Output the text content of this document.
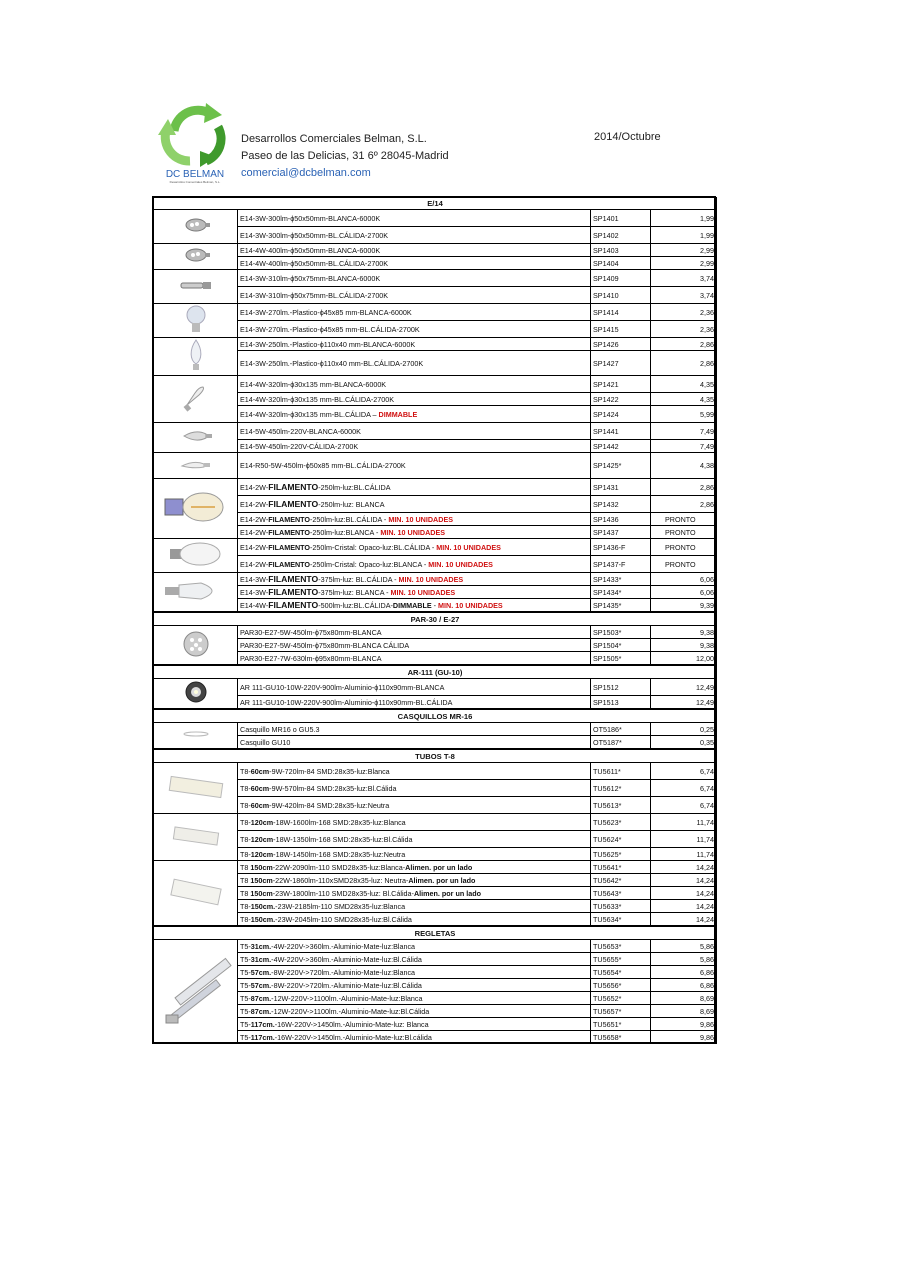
DC BELMAN
Desarrollos Comerciales Belman, S.L.
Desarrollos Comerciales Belman, S.L.
Paseo de las Delicias, 31 6º 28045-Madrid
comercial@dcbelman.com
2014/Octubre
E/14			
	E14-3W-300lm-ϕ50x50mm-BLANCA-6000K	SP1401	1,99
	E14-3W-300lm-ϕ50x50mm-BL.CÁLIDA-2700K	SP1402	1,99
	E14-4W-400lm-ϕ50x50mm-BLANCA-6000K	SP1403	2,99
	E14-4W-400lm-ϕ50x50mm-BL.CÁLIDA-2700K	SP1404	2,99
	E14-3W-310lm-ϕ50x75mm-BLANCA-6000K	SP1409	3,74
	E14-3W-310lm-ϕ50x75mm-BL.CÁLIDA-2700K	SP1410	3,74
	E14-3W-270lm.-Plastico-ϕ45x85 mm-BLANCA-6000K	SP1414	2,36
	E14-3W-270lm.-Plastico-ϕ45x85 mm-BL.CÁLIDA-2700K	SP1415	2,36
	E14-3W-250lm.-Plastico-ϕ110x40 mm-BLANCA-6000K	SP1426	2,86
	E14-3W-250lm.-Plastico-ϕ110x40 mm-BL.CÁLIDA-2700K	SP1427	2,86
	E14-4W-320lm-ϕ30x135 mm-BLANCA-6000K	SP1421	4,35
	E14-4W-320lm-ϕ30x135 mm-BL.CÁLIDA-2700K	SP1422	4,35
	E14-4W-320lm-ϕ30x135 mm-BL.CÁLIDA – DIMMABLE	SP1424	5,99
	E14-5W-450lm-220V-BLANCA-6000K	SP1441	7,49
	E14-5W-450lm-220V-CÁLIDA-2700K	SP1442	7,49
	E14-R50-5W-450lm-ϕ50x85 mm-BL.CÁLIDA-2700K	SP1425*	4,38
	E14-2W-FILAMENTO-250lm-luz:BL.CÁLIDA	SP1431	2,86
	E14-2W-FILAMENTO-250lm-luz: BLANCA	SP1432	2,86
	E14-2W-FILAMENTO-250lm-luz:BL.CÁLIDA - MIN. 10 UNIDADES	SP1436	PRONTO
	E14-2W-FILAMENTO-250lm-luz:BLANCA - MIN. 10 UNIDADES	SP1437	PRONTO
	E14-2W-FILAMENTO-250lm-Cristal: Opaco-luz:BL.CÁLIDA - MIN. 10 UNIDADES	SP1436-F	PRONTO
	E14-2W-FILAMENTO-250lm-Cristal: Opaco-luz:BLANCA - MIN. 10 UNIDADES	SP1437-F	PRONTO
	E14-3W-FILAMENTO-375lm-luz: BL.CÁLIDA - MIN. 10 UNIDADES	SP1433*	6,06
	E14-3W-FILAMENTO-375lm-luz: BLANCA - MIN. 10 UNIDADES	SP1434*	6,06
	E14-4W-FILAMENTO-500lm-luz:BL.CÁLIDA-DIMMABLE - MIN. 10 UNIDADES	SP1435*	9,39
PAR-30 / E-27			
	PAR30-E27-5W-450lm-ϕ75x80mm-BLANCA	SP1503*	9,38
	PAR30-E27-5W-450lm-ϕ75x80mm-BLANCA CÁLIDA	SP1504*	9,38
	PAR30-E27-7W-630lm-ϕ95x80mm-BLANCA	SP1505*	12,00
AR-111 (GU-10)			
	AR 111-GU10-10W-220V-900lm-Aluminio-ϕ110x90mm-BLANCA	SP1512	12,49
	AR 111-GU10-10W-220V-900lm-Aluminio-ϕ110x90mm-BL.CÁLIDA	SP1513	12,49
CASQUILLOS MR-16			
	Casquillo MR16 o GU5.3	OT5186*	0,25
	Casquillo GU10	OT5187*	0,35
TUBOS T-8			
	T8-60cm-9W-720lm-84 SMD:28x35-luz:Blanca	TU5611*	6,74
	T8-60cm-9W-570lm-84 SMD:28x35-luz:Bl.Cálida	TU5612*	6,74
	T8-60cm-9W-420lm-84 SMD:28x35-luz:Neutra	TU5613*	6,74
	T8-120cm-18W-1600lm-168 SMD:28x35-luz:Blanca	TU5623*	11,74
	T8-120cm-18W-1350lm-168 SMD:28x35-luz:Bl.Cálida	TU5624*	11,74
	T8-120cm-18W-1450lm-168 SMD:28x35-luz:Neutra	TU5625*	11,74
	T8 150cm-22W-2090lm-110 SMD28x35-luz:Blanca-Alimen. por un lado	TU5641*	14,24
	T8 150cm-22W-1860lm-110xSMD28x35-luz: Neutra-Alimen. por un lado	TU5642*	14,24
	T8 150cm-23W-1800lm-110 SMD28x35-luz: Bl.Cálida-Alimen. por un lado	TU5643*	14,24
	T8-150cm.-23W-2185lm-110 SMD28x35-luz:Blanca	TU5633*	14,24
	T8-150cm.-23W-2045lm-110 SMD28x35-luz:Bl.Cálida	TU5634*	14,24
REGLETAS			
	T5-31cm.-4W-220V->360lm.-Aluminio-Mate-luz:Blanca	TU5653*	5,86
	T5-31cm.-4W-220V->360lm.-Aluminio-Mate-luz:Bl.Cálida	TU5655*	5,86
	T5-57cm.-8W-220V->720lm.-Aluminio-Mate-luz:Blanca	TU5654*	6,86
	T5-57cm.-8W-220V->720lm.-Aluminio-Mate-luz:Bl.Cálida	TU5656*	6,86
	T5-87cm.-12W-220V->1100lm.-Aluminio-Mate-luz:Blanca	TU5652*	8,69
	T5-87cm.-12W-220V->1100lm.-Aluminio-Mate-luz:Bl.Cálida	TU5657*	8,69
	T5-117cm.-16W-220V->1450lm.-Aluminio-Mate-luz: Blanca	TU5651*	9,86
	T5-117cm.-16W-220V->1450lm.-Aluminio-Mate-luz:Bl.cálida	TU5658*	9,86
